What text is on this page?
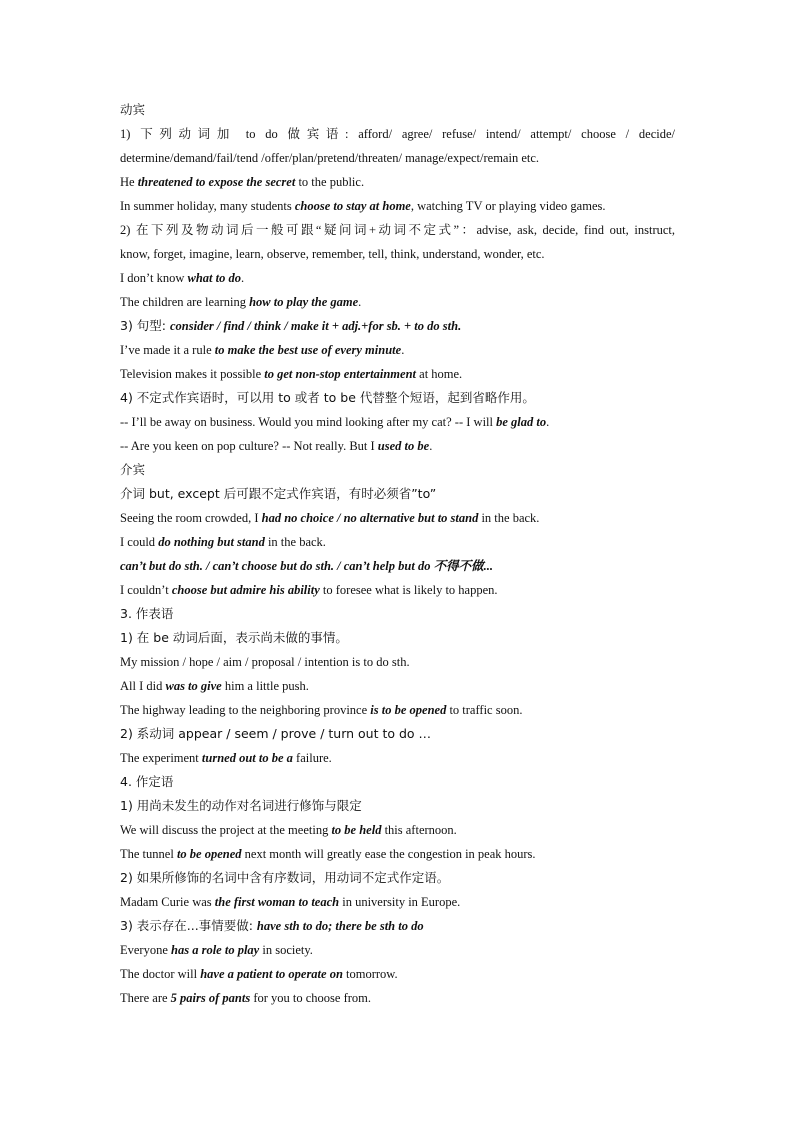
动宾
1) 下列动词加 to do 做宾语: afford/ agree/ refuse/ intend/ attempt/ choose / decide/
determine/demand/fail/tend /offer/plan/pretend/threaten/ manage/expect/remain etc.
He threatened to expose the secret to the public.
In summer holiday, many students choose to stay at home, watching TV or playing video games.
2) 在下列及物动词后一般可跟“疑问词+动词不定式”：advise, ask, decide, find out, instruct,
know, forget, imagine, learn, observe, remember, tell, think, understand, wonder, etc.
I don’t know what to do.
The children are learning how to play the game.
3) 句型: consider / find / think / make it + adj.+for sb. + to do sth.
I’ve made it a rule to make the best use of every minute.
Television makes it possible to get non-stop entertainment at home.
4) 不定式作宾语时，可以用 to 或者 to be 代替整个短语，起到省略作用。
-- I’ll be away on business. Would you mind looking after my cat? -- I will be glad to.
-- Are you keen on pop culture? -- Not really. But I used to be.
介宾
介词 but, except 后可跟不定式作宾语，有时必须省”to”
Seeing the room crowded, I had no choice / no alternative but to stand in the back.
I could do nothing but stand in the back.
can’t but do sth. / can’t choose but do sth. / can’t help but do 不得不做...
I couldn’t choose but admire his ability to foresee what is likely to happen.
3. 作表语
1) 在 be 动词后面，表示尚未做的事情。
My mission / hope / aim / proposal / intention is to do sth.
All I did was to give him a little push.
The highway leading to the neighboring province is to be opened to traffic soon.
2) 系动词 appear / seem / prove / turn out to do …
The experiment turned out to be a failure.
4. 作定语
1) 用尚未发生的动作对名词进行修饰与限定
We will discuss the project at the meeting to be held this afternoon.
The tunnel to be opened next month will greatly ease the congestion in peak hours.
2) 如果所修饰的名词中含有序数词，用动词不定式作定语。
Madam Curie was the first woman to teach in university in Europe.
3) 表示存在...事情要做: have sth to do; there be sth to do
Everyone has a role to play in society.
The doctor will have a patient to operate on tomorrow.
There are 5 pairs of pants for you to choose from.
